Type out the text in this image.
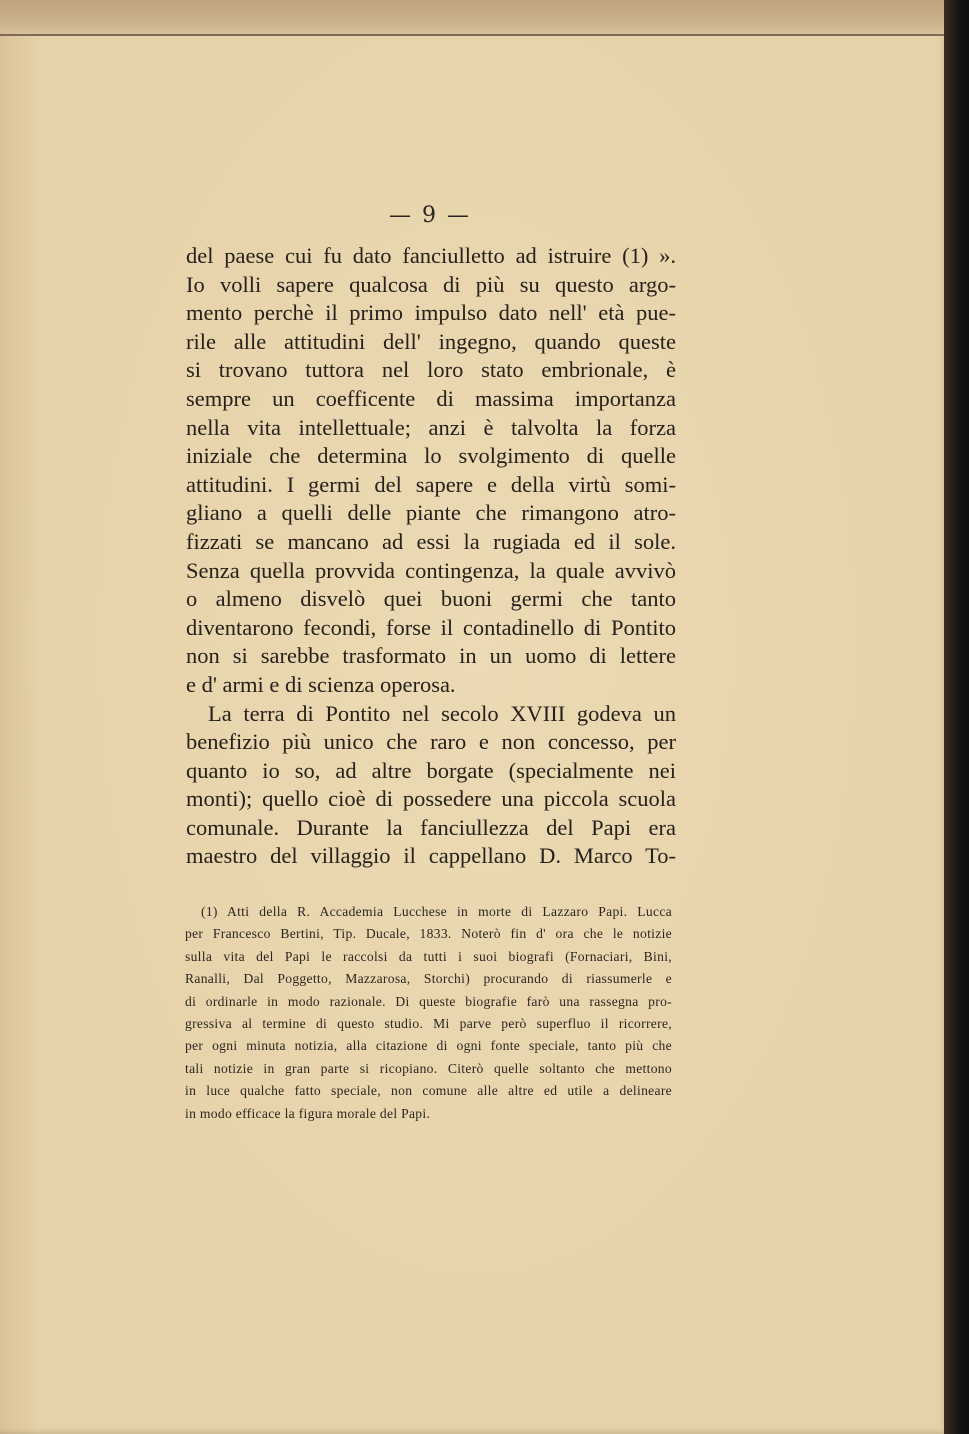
— 9 —
del paese cui fu dato fanciulletto ad istruire (1) ».
Io volli sapere qualcosa di più su questo argo-
mento perchè il primo impulso dato nell' età pue-
rile alle attitudini dell' ingegno, quando queste
si trovano tuttora nel loro stato embrionale, è
sempre un coefficente di massima importanza
nella vita intellettuale; anzi è talvolta la forza
iniziale che determina lo svolgimento di quelle
attitudini. I germi del sapere e della virtù somi-
gliano a quelli delle piante che rimangono atro-
fizzati se mancano ad essi la rugiada ed il sole.
Senza quella provvida contingenza, la quale avvivò
o almeno disvelò quei buoni germi che tanto
diventarono fecondi, forse il contadinello di Pontito
non si sarebbe trasformato in un uomo di lettere
e d' armi e di scienza operosa.
La terra di Pontito nel secolo XVIII godeva un
benefizio più unico che raro e non concesso, per
quanto io so, ad altre borgate (specialmente nei
monti); quello cioè di possedere una piccola scuola
comunale. Durante la fanciullezza del Papi era
maestro del villaggio il cappellano D. Marco To-
(1) Atti della R. Accademia Lucchese in morte di Lazzaro Papi. Lucca
per Francesco Bertini, Tip. Ducale, 1833. Noterò fin d' ora che le notizie
sulla vita del Papi le raccolsi da tutti i suoi biografi (Fornaciari, Bini,
Ranalli, Dal Poggetto, Mazzarosa, Storchi) procurando di riassumerle e
di ordinarle in modo razionale. Di queste biografie farò una rassegna pro-
gressiva al termine di questo studio. Mi parve però superfluo il ricorrere,
per ogni minuta notizia, alla citazione di ogni fonte speciale, tanto più che
tali notizie in gran parte si ricopiano. Citerò quelle soltanto che mettono
in luce qualche fatto speciale, non comune alle altre ed utile a delineare
in modo efficace la figura morale del Papi.
